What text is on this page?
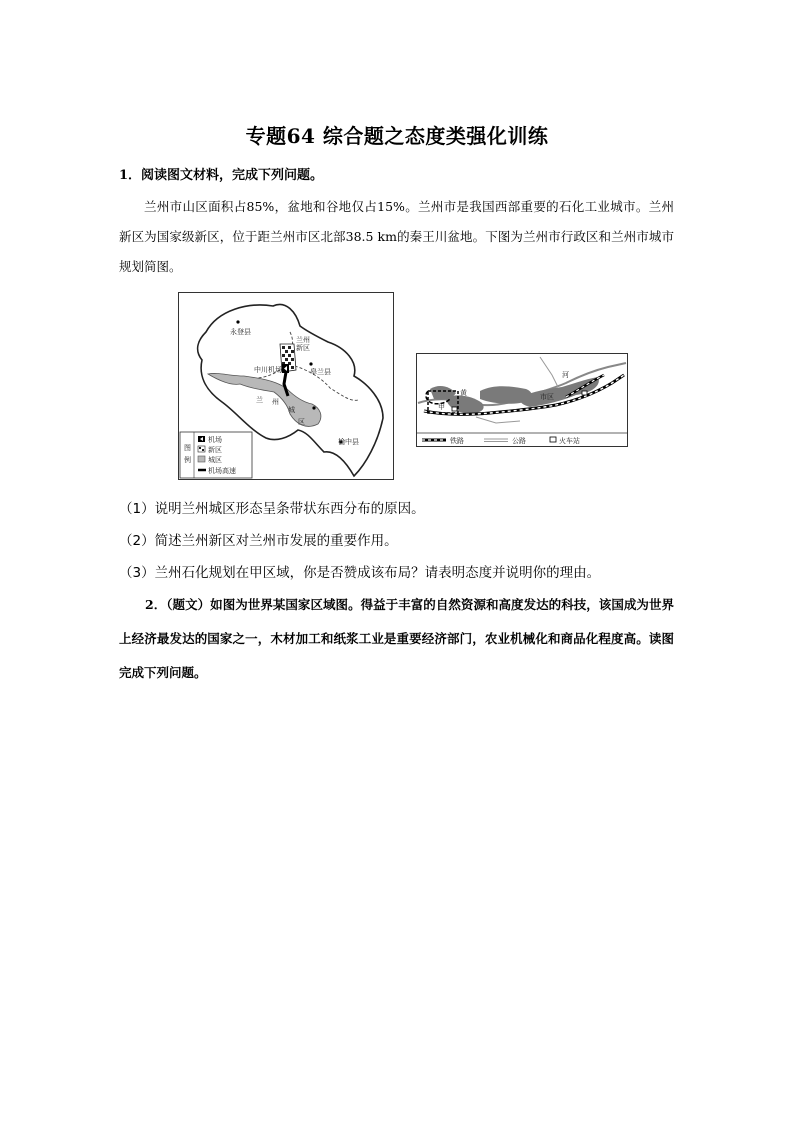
专题64 综合题之态度类强化训练
1．阅读图文材料，完成下列问题。
兰州市山区面积占85%，盆地和谷地仅占15%。兰州市是我国西部重要的石化工业城市。兰州新区为国家级新区，位于距兰州市区北部38.5 km的秦王川盆地。下图为兰州市行政区和兰州市城市规划简图。
永登县
兰州
新区
中川机场	皋兰县
兰 州
城
区
榆中县
图
例
机场
新区
城区
机场高速
黄
河
甲
市区
铁路	公路	火车站
（1）说明兰州城区形态呈条带状东西分布的原因。
（2）简述兰州新区对兰州市发展的重要作用。
（3）兰州石化规划在甲区域，你是否赞成该布局？请表明态度并说明你的理由。
2．（题文）如图为世界某国家区域图。得益于丰富的自然资源和高度发达的科技，该国成为世界上经济最发达的国家之一，木材加工和纸浆工业是重要经济部门，农业机械化和商品化程度高。读图完成下列问题。
